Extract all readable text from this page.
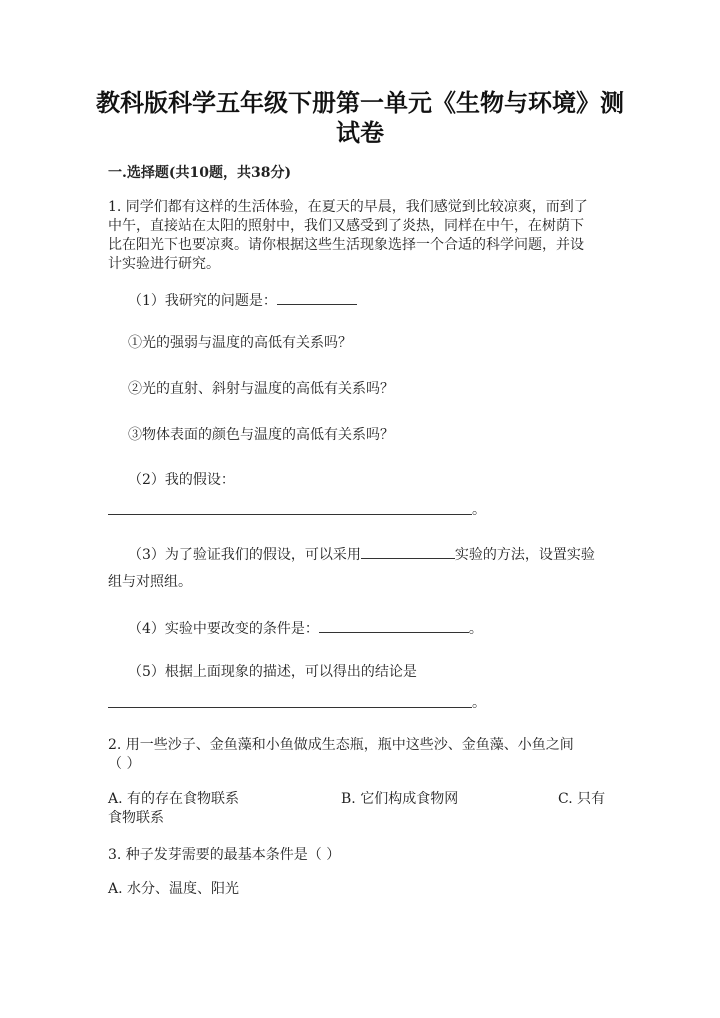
教科版科学五年级下册第一单元《生物与环境》测
试卷
一.选择题(共10题，共38分)
1. 同学们都有这样的生活体验，在夏天的早晨，我们感觉到比较凉爽，而到了
中午，直接站在太阳的照射中，我们又感受到了炎热，同样在中午，在树荫下
比在阳光下也要凉爽。请你根据这些生活现象选择一个合适的科学问题，并设
计实验进行研究。
（1）我研究的问题是：
①光的强弱与温度的高低有关系吗？
②光的直射、斜射与温度的高低有关系吗？
③物体表面的颜色与温度的高低有关系吗？
（2）我的假设：
。
（3）为了验证我们的假设，可以采用	实验的方法，设置实验
组与对照组。
（4）实验中要改变的条件是：	。
（5）根据上面现象的描述，可以得出的结论是
。
2. 用一些沙子、金鱼藻和小鱼做成生态瓶，瓶中这些沙、金鱼藻、小鱼之间
（ ）
A. 有的存在食物联系	B. 它们构成食物网	C. 只有
食物联系
3. 种子发芽需要的最基本条件是（ ）
A. 水分、温度、阳光
